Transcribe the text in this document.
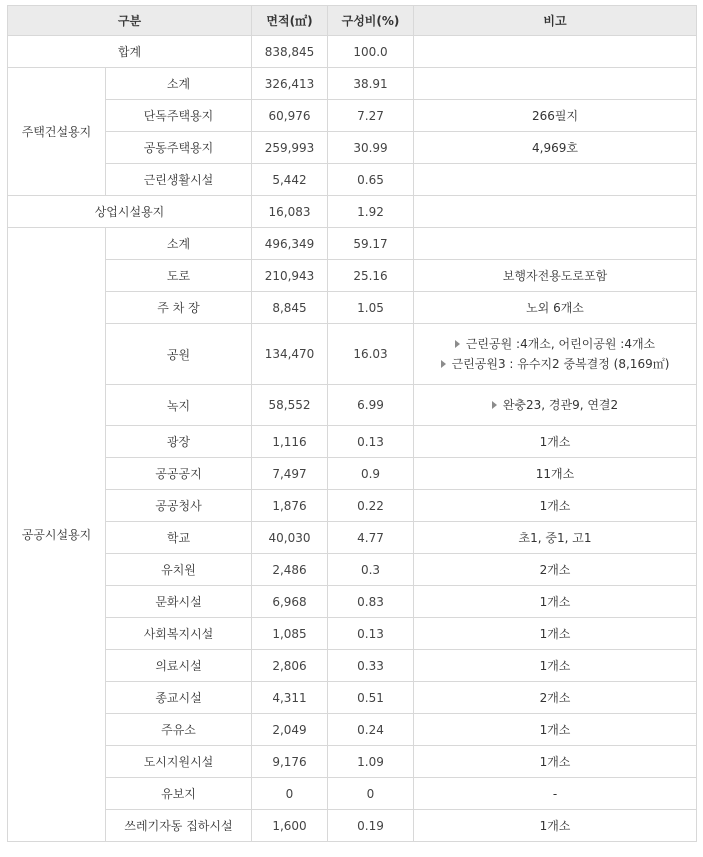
구분		면적(㎡)	구성비(%)	비고
합계		838,845	100.0	
주택건설용지	소계	326,413	38.91	
	단독주택용지	60,976	7.27	266필지
	공동주택용지	259,993	30.99	4,969호
	근린생활시설	5,442	0.65	
상업시설용지		16,083	1.92	
공공시설용지	소계	496,349	59.17	
	도로	210,943	25.16	보행자전용도로포함
	주 차 장	8,845	1.05	노외 6개소
	공원	134,470	16.03	근린공원 :4개소, 어린이공원 :4개소
근린공원3 : 유수지2 중복결정 (8,169㎡)

	녹지	58,552	6.99	완충23, 경관9, 연결2

	광장	1,116	0.13	1개소
	공공공지	7,497	0.9	11개소
	공공청사	1,876	0.22	1개소
	학교	40,030	4.77	초1, 중1, 고1
	유치원	2,486	0.3	2개소
	문화시설	6,968	0.83	1개소
	사회복지시설	1,085	0.13	1개소
	의료시설	2,806	0.33	1개소
	종교시설	4,311	0.51	2개소
	주유소	2,049	0.24	1개소
	도시지원시설	9,176	1.09	1개소
	유보지	0	0	-
	쓰레기자동 집하시설	1,600	0.19	1개소
